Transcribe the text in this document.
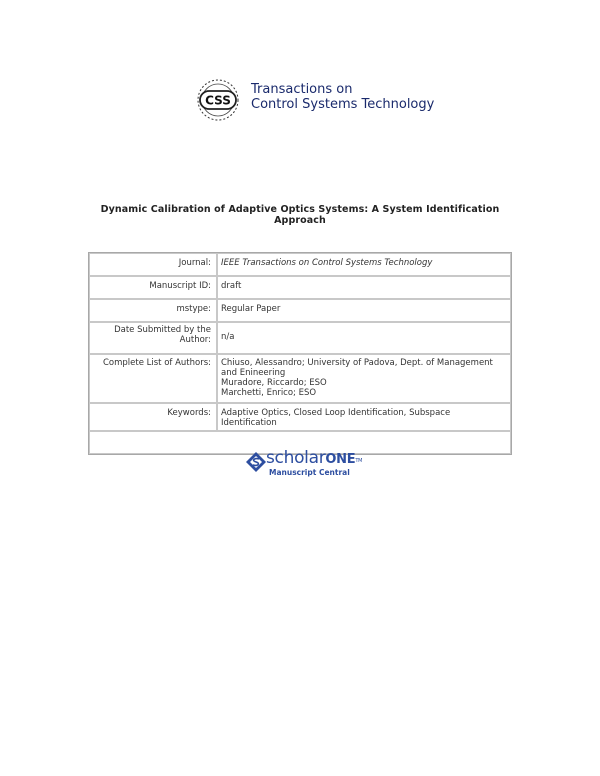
CSS
Transactions on
Control Systems Technology
Dynamic Calibration of Adaptive Optics Systems: A System Identification Approach
Journal:	IEEE Transactions on Control Systems Technology
Manuscript ID:	draft
mstype:	Regular Paper
Date Submitted by the Author:	n/a
Complete List of Authors:	Chiuso, Alessandro; University of Padova, Dept. of Management and Enineering
Muradore, Riccardo; ESO
Marchetti, Enrico; ESO

Keywords:	Adaptive Optics, Closed Loop Identification, Subspace Identification

scholarONE™
Manuscript Central
